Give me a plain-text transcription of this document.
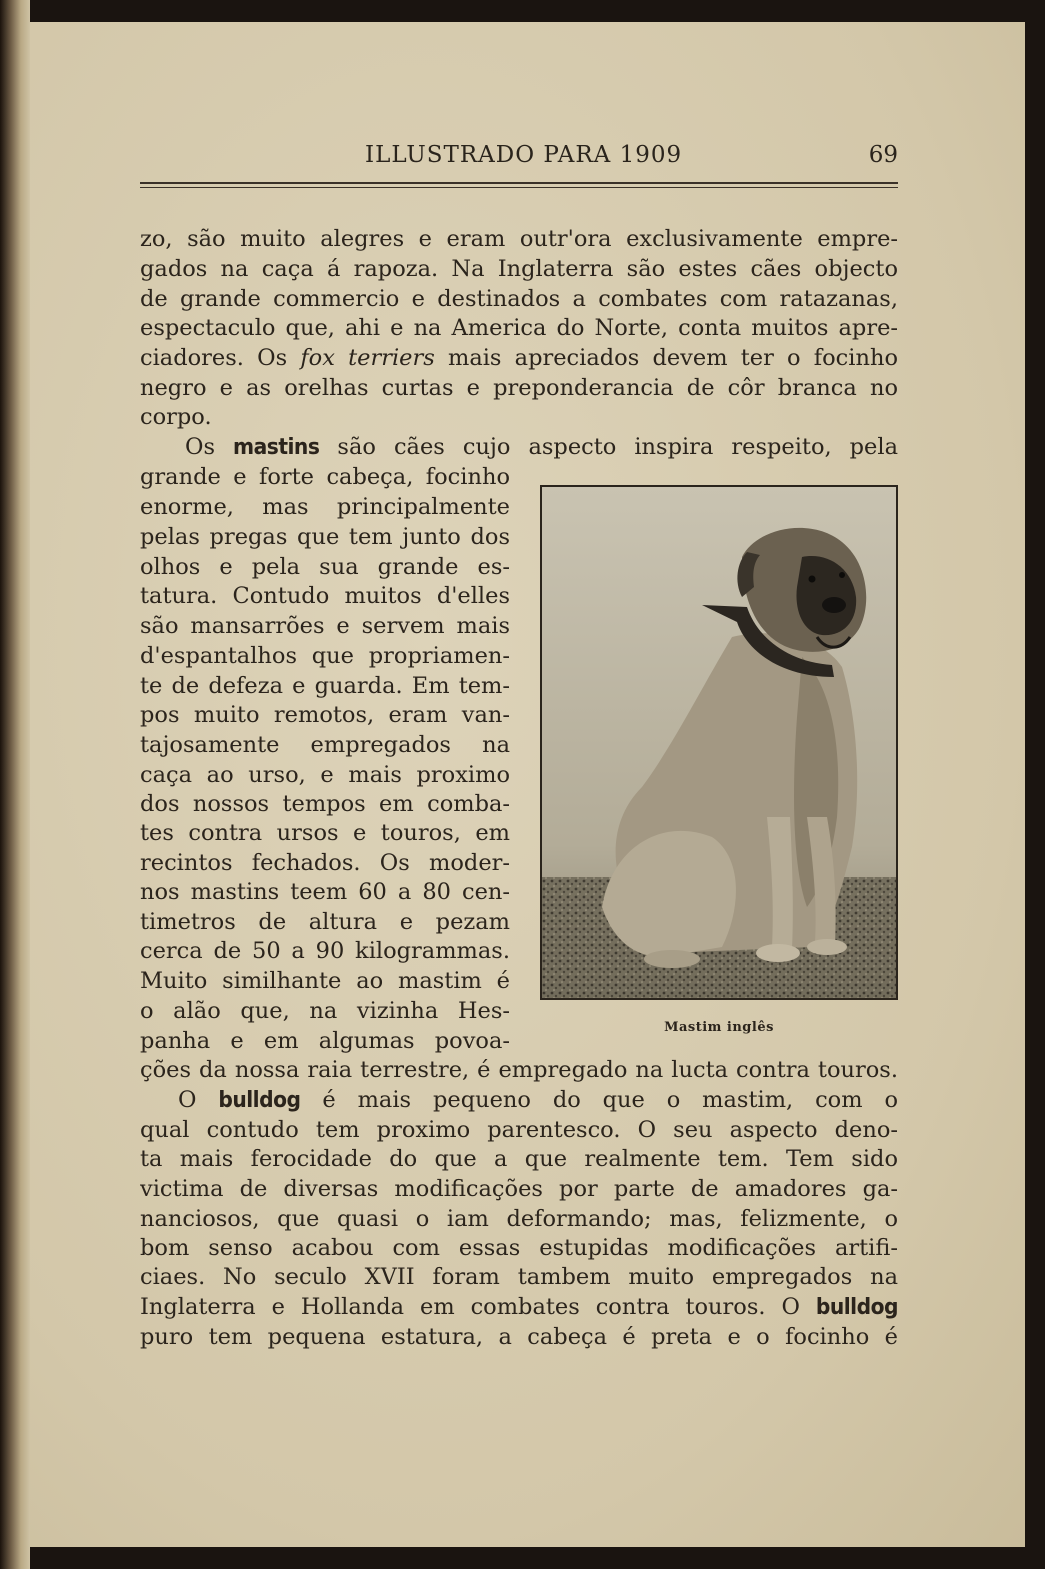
ILLUSTRADO PARA 1909	69
zo, são muito alegres e eram outr'ora exclusivamente empre-
gados na caça á rapoza. Na Inglaterra são estes cães objecto
de grande commercio e destinados a combates com ratazanas,
espectaculo que, ahi e na America do Norte, conta muitos apre-
ciadores. Os fox terriers mais apreciados devem ter o focinho
negro e as orelhas curtas e preponderancia de côr branca no
corpo.
Os mastins são cães cujo aspecto inspira respeito, pela
grande e forte cabeça, focinho
enorme, mas principalmente
pelas pregas que tem junto dos
olhos e pela sua grande es-
tatura. Contudo muitos d'elles
são mansarrões e servem mais
d'espantalhos que propriamen-
te de defeza e guarda. Em tem-
pos muito remotos, eram van-
tajosamente empregados na
caça ao urso, e mais proximo
dos nossos tempos em comba-
tes contra ursos e touros, em
recintos fechados. Os moder-
nos mastins teem 60 a 80 cen-
timetros de altura e pezam
cerca de 50 a 90 kilogrammas.
Muito similhante ao mastim é
o alão que, na vizinha Hes-
panha e em algumas povoa-
Mastim inglês
ções da nossa raia terrestre, é empregado na lucta contra touros.
O bulldog é mais pequeno do que o mastim, com o
qual contudo tem proximo parentesco. O seu aspecto deno-
ta mais ferocidade do que a que realmente tem. Tem sido
victima de diversas modificações por parte de amadores ga-
nanciosos, que quasi o iam deformando; mas, felizmente, o
bom senso acabou com essas estupidas modificações artifi-
ciaes. No seculo XVII foram tambem muito empregados na
Inglaterra e Hollanda em combates contra touros. O bulldog
puro tem pequena estatura, a cabeça é preta e o focinho é
